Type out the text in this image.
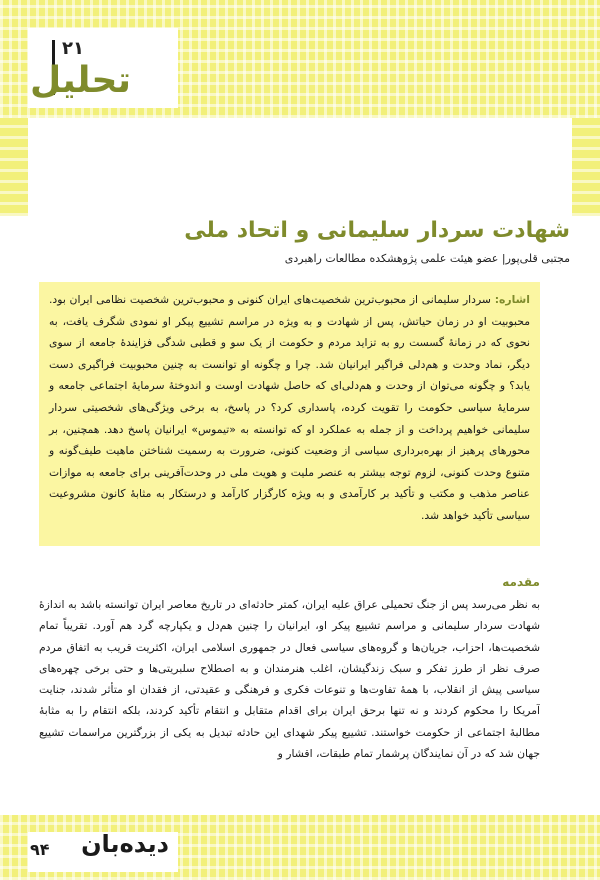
۲۱
تحلیل
شهادت سردار سلیمانی و اتحاد ملی
مجتبی قلی‌پور| عضو هیئت علمی پژوهشکده مطالعات راهبردی
اشاره: سردار سلیمانی از محبوب‌ترین شخصیت‌های ایران کنونی و محبوب‌ترین شخصیت نظامی ایران بود. محبوبیت او در زمان حیاتش، پس از شهادت و به ویژه در مراسم تشییع پیکر او نمودی شگرف یافت، به نحوی که در زمانهٔ گسست رو به تزاید مردم و حکومت از یک سو و قطبی شدگی فزایندهٔ جامعه از سوی دیگر، نماد وحدت و هم‌دلی فراگیر ایرانیان شد. چرا و چگونه او توانست به چنین محبوبیت فراگیری دست یابد؟ و چگونه می‌توان از وحدت و هم‌دلی‌ای که حاصل شهادت اوست و اندوختهٔ سرمایهٔ اجتماعی جامعه و سرمایهٔ سیاسی حکومت را تقویت کرده، پاسداری کرد؟ در پاسخ، به برخی ویژگی‌های شخصیتی سردار سلیمانی خواهیم پرداخت و از جمله به عملکرد او که توانسته به «تیموس» ایرانیان پاسخ دهد. همچنین، بر محورهای پرهیز از بهره‌برداری سیاسی از وضعیت کنونی، ضرورت به رسمیت شناختن ماهیت طیف‌گونه و متنوع وحدت کنونی، لزوم توجه بیشتر به عنصر ملیت و هویت ملی در وحدت‌آفرینی برای جامعه به موازات عناصر مذهب و مکتب و تأکید بر کارآمدی و به ویژه کارگزار کارآمد و درستکار به مثابهٔ کانون مشروعیت سیاسی تأکید خواهد شد.
مقدمه
به نظر می‌رسد پس از جنگ تحمیلی عراق علیه ایران، کمتر حادثه‌ای در تاریخ معاصر ایران توانسته باشد به اندازهٔ شهادت سردار سلیمانی و مراسم تشییع پیکر او، ایرانیان را چنین هم‌دل و یکپارچه گرد هم آورد. تقریباً تمام شخصیت‌ها، احزاب، جریان‌ها و گروه‌های سیاسی فعال در جمهوری اسلامی ایران، اکثریت قریب به اتفاق مردم صرف نظر از طرز تفکر و سبک زندگیشان، اغلب هنرمندان و به اصطلاح سلبریتی‌ها و حتی برخی چهره‌های سیاسی پیش از انقلاب، با همهٔ تفاوت‌ها و تنوعات فکری و فرهنگی و عقیدتی، از فقدان او متأثر شدند، جنایت آمریکا را محکوم کردند و نه تنها برحق ایران برای اقدام متقابل و انتقام تأکید کردند، بلکه انتقام را به مثابهٔ مطالبهٔ اجتماعی از حکومت خواستند. تشییع پیکر شهدای این حادثه تبدیل به یکی از بزرگترین مراسمات تشییع جهان شد که در آن نمایندگان پرشمار تمام طبقات، اقشار و
۹۴	دیده‌بان
